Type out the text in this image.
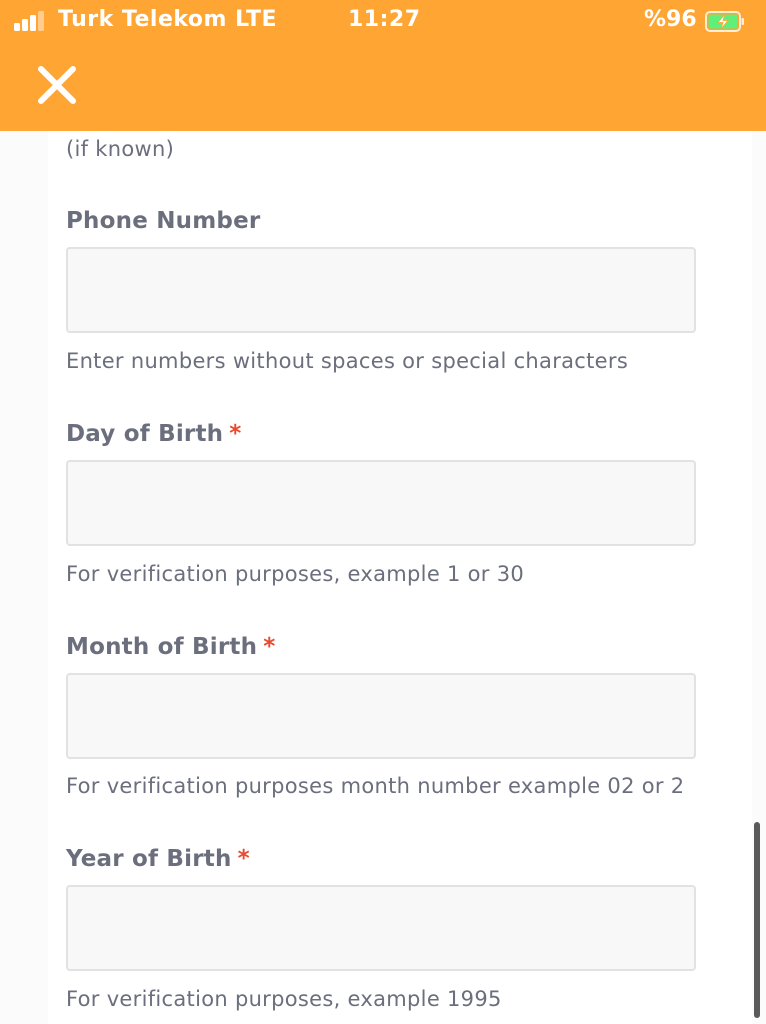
Turk Telekom LTE	11:27	%96
(if known)
Phone Number
Enter numbers without spaces or special characters
Day of Birth *
For verification purposes, example 1 or 30
Month of Birth *
For verification purposes month number example 02 or 2
Year of Birth *
For verification purposes, example 1995
